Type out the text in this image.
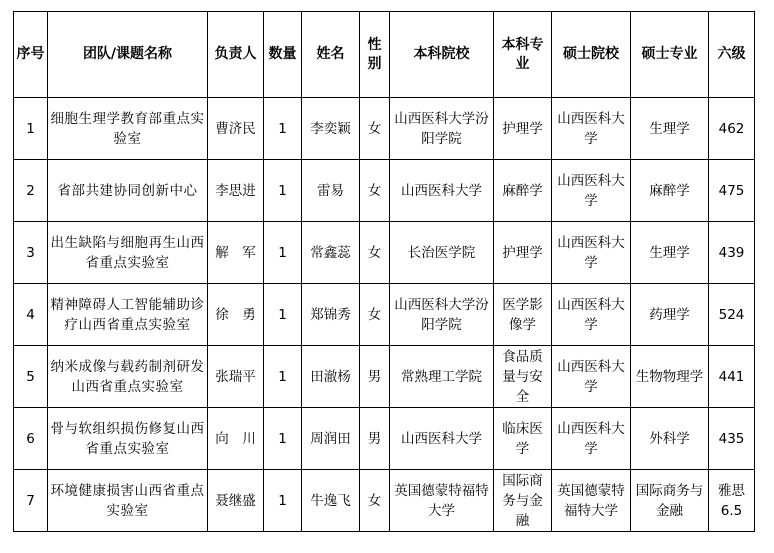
序号	团队/课题名称	负责人	数量	姓名	性别	本科院校	本科专业	硕士院校	硕士专业	六级
1	细胞生理学教育部重点实验室	曹济民	1	李奕颖	女	山西医科大学汾阳学院	护理学	山西医科大学	生理学	462
2	省部共建协同创新中心	李思进	1	雷易	女	山西医科大学	麻醉学	山西医科大学	麻醉学	475
3	出生缺陷与细胞再生山西省重点实验室	解　军	1	常鑫蕊	女	长治医学院	护理学	山西医科大学	生理学	439
4	精神障碍人工智能辅助诊疗山西省重点实验室	徐　勇	1	郑锦秀	女	山西医科大学汾阳学院	医学影像学	山西医科大学	药理学	524
5	纳米成像与载药制剂研发山西省重点实验室	张瑞平	1	田澈杨	男	常熟理工学院	食品质量与安全	山西医科大学	生物物理学	441
6	骨与软组织损伤修复山西省重点实验室	向　川	1	周润田	男	山西医科大学	临床医学	山西医科大学	外科学	435
7	环境健康损害山西省重点实验室	聂继盛	1	牛逸飞	女	英国德蒙特福特大学	国际商务与金融	英国德蒙特福特大学	国际商务与金融	雅思6.5
